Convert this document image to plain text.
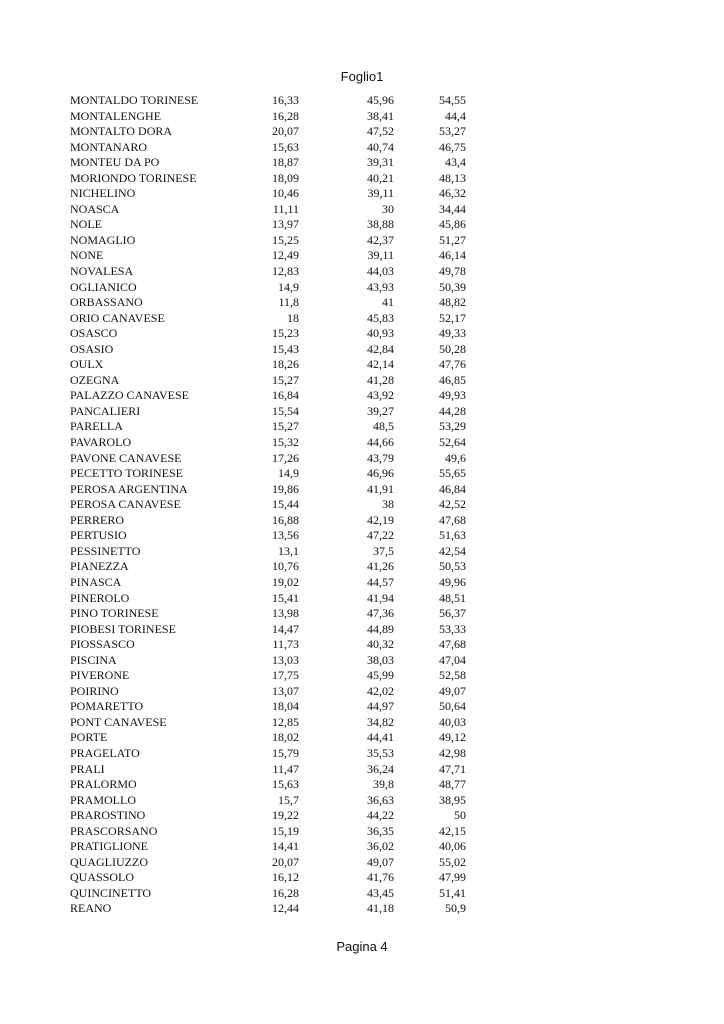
Foglio1
MONTALDO TORINESE	16,33	45,96	54,55
MONTALENGHE	16,28	38,41	44,4
MONTALTO DORA	20,07	47,52	53,27
MONTANARO	15,63	40,74	46,75
MONTEU DA PO	18,87	39,31	43,4
MORIONDO TORINESE	18,09	40,21	48,13
NICHELINO	10,46	39,11	46,32
NOASCA	11,11	30	34,44
NOLE	13,97	38,88	45,86
NOMAGLIO	15,25	42,37	51,27
NONE	12,49	39,11	46,14
NOVALESA	12,83	44,03	49,78
OGLIANICO	14,9	43,93	50,39
ORBASSANO	11,8	41	48,82
ORIO CANAVESE	18	45,83	52,17
OSASCO	15,23	40,93	49,33
OSASIO	15,43	42,84	50,28
OULX	18,26	42,14	47,76
OZEGNA	15,27	41,28	46,85
PALAZZO CANAVESE	16,84	43,92	49,93
PANCALIERI	15,54	39,27	44,28
PARELLA	15,27	48,5	53,29
PAVAROLO	15,32	44,66	52,64
PAVONE CANAVESE	17,26	43,79	49,6
PECETTO TORINESE	14,9	46,96	55,65
PEROSA ARGENTINA	19,86	41,91	46,84
PEROSA CANAVESE	15,44	38	42,52
PERRERO	16,88	42,19	47,68
PERTUSIO	13,56	47,22	51,63
PESSINETTO	13,1	37,5	42,54
PIANEZZA	10,76	41,26	50,53
PINASCA	19,02	44,57	49,96
PINEROLO	15,41	41,94	48,51
PINO TORINESE	13,98	47,36	56,37
PIOBESI TORINESE	14,47	44,89	53,33
PIOSSASCO	11,73	40,32	47,68
PISCINA	13,03	38,03	47,04
PIVERONE	17,75	45,99	52,58
POIRINO	13,07	42,02	49,07
POMARETTO	18,04	44,97	50,64
PONT CANAVESE	12,85	34,82	40,03
PORTE	18,02	44,41	49,12
PRAGELATO	15,79	35,53	42,98
PRALI	11,47	36,24	47,71
PRALORMO	15,63	39,8	48,77
PRAMOLLO	15,7	36,63	38,95
PRAROSTINO	19,22	44,22	50
PRASCORSANO	15,19	36,35	42,15
PRATIGLIONE	14,41	36,02	40,06
QUAGLIUZZO	20,07	49,07	55,02
QUASSOLO	16,12	41,76	47,99
QUINCINETTO	16,28	43,45	51,41
REANO	12,44	41,18	50,9
Pagina 4
